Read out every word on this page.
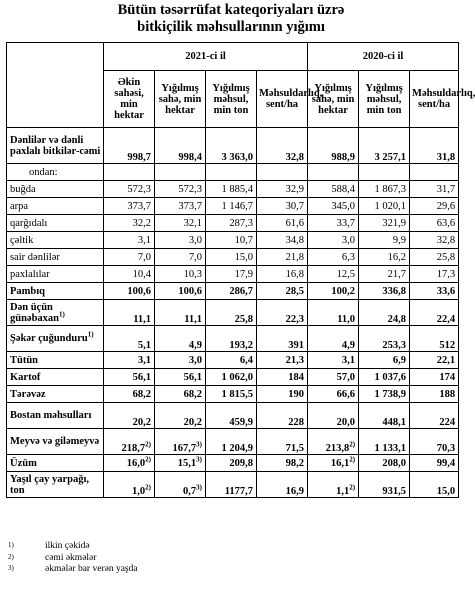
Bütün təsərrüfat kateqoriyaları üzrə
bitkiçilik məhsullarının yığımı
	2021-ci il				2020-ci il		
	Əkin sahəsi, min hektar	Yığılmış sahə, min hektar	Yığılmış məhsul, min ton	Məhsuldarlıq, sent/ha	Yığılmış sahə, min hektar	Yığılmış məhsul, min ton	Məhsuldarlıq, sent/ha
Dənlilər və dənli paxlalı bitkilər-cəmi	998,7	998,4	3 363,0	32,8	988,9	3 257,1	31,8
ondan:							
buğda	572,3	572,3	1 885,4	32,9	588,4	1 867,3	31,7
arpa	373,7	373,7	1 146,7	30,7	345,0	1 020,1	29,6
qarğıdalı	32,2	32,1	287,3	61,6	33,7	321,9	63,6
çəltik	3,1	3,0	10,7	34,8	3,0	9,9	32,8
sair dənlilər	7,0	7,0	15,0	21,8	6,3	16,2	25,8
paxlalılar	10,4	10,3	17,9	16,8	12,5	21,7	17,3
Pambıq	100,6	100,6	286,7	28,5	100,2	336,8	33,6
Dən üçün günəbaxan$^{1)}$	11,1	11,1	25,8	22,3	11,0	24,8	22,4
Şəkər çuğunduru$^{1)}$	5,1	4,9	193,2	391	4,9	253,3	512
Tütün	3,1	3,0	6,4	21,3	3,1	6,9	22,1
Kartof	56,1	56,1	1 062,0	184	57,0	1 037,6	174
Tərəvəz	68,2	68,2	1 815,5	190	66,6	1 738,9	188
Bostan məhsulları	20,2	20,2	459,9	228	20,0	448,1	224
Meyvə və giləmeyvə	218,7$^{2)}$	167,7$^{3)}$	1 204,9	71,5	213,8$^{2)}$	1 133,1	70,3
Üzüm	16,0$^{2)}$	15,1$^{3)}$	209,8	98,2	16,1$^{2)}$	208,0	99,4
Yaşıl çay yarpağı, ton	1,0$^{2)}$	0,7$^{3)}$	1177,7	16,9	1,1$^{2)}$	931,5	15,0
1)	ilkin çəkidə
2)	cəmi əkmələr
3)	əkmələr bar verən yaşda
